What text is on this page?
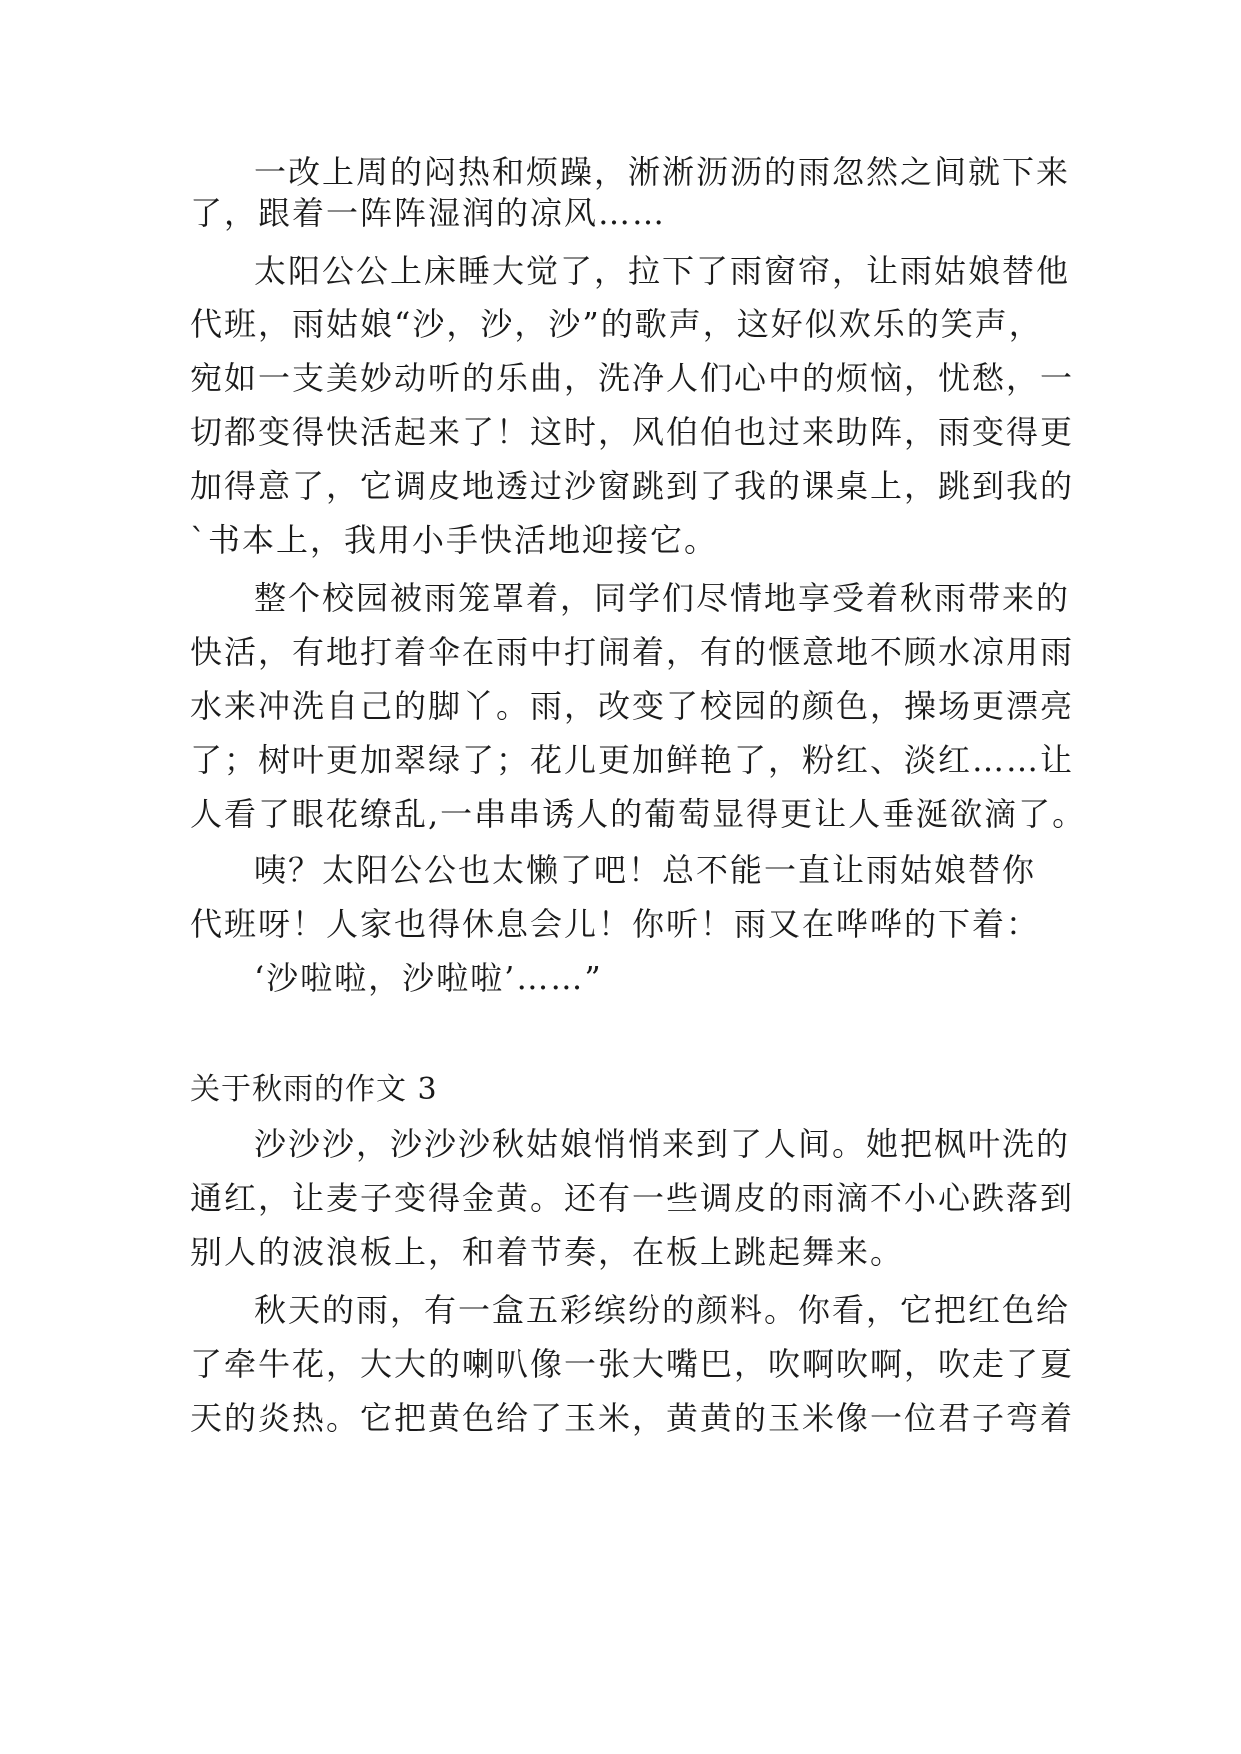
一改上周的闷热和烦躁，淅淅沥沥的雨忽然之间就下来
了，跟着一阵阵湿润的凉风……
太阳公公上床睡大觉了，拉下了雨窗帘，让雨姑娘替他
代班，雨姑娘“沙，沙，沙”的歌声，这好似欢乐的笑声，
宛如一支美妙动听的乐曲，洗净人们心中的烦恼，忧愁，一
切都变得快活起来了！这时，风伯伯也过来助阵，雨变得更
加得意了，它调皮地透过沙窗跳到了我的课桌上，跳到我的
`书本上，我用小手快活地迎接它。
整个校园被雨笼罩着，同学们尽情地享受着秋雨带来的
快活，有地打着伞在雨中打闹着，有的惬意地不顾水凉用雨
水来冲洗自己的脚丫。雨，改变了校园的颜色，操场更漂亮
了；树叶更加翠绿了；花儿更加鲜艳了，粉红、淡红……让
人看了眼花缭乱,一串串诱人的葡萄显得更让人垂涎欲滴了。
咦？太阳公公也太懒了吧！总不能一直让雨姑娘替你
代班呀！人家也得休息会儿！你听！雨又在哗哗的下着：
‘沙啦啦，沙啦啦’……”
关于秋雨的作文 3
沙沙沙，沙沙沙秋姑娘悄悄来到了人间。她把枫叶洗的
通红，让麦子变得金黄。还有一些调皮的雨滴不小心跌落到
别人的波浪板上，和着节奏，在板上跳起舞来。
秋天的雨，有一盒五彩缤纷的颜料。你看，它把红色给
了牵牛花，大大的喇叭像一张大嘴巴，吹啊吹啊，吹走了夏
天的炎热。它把黄色给了玉米，黄黄的玉米像一位君子弯着
